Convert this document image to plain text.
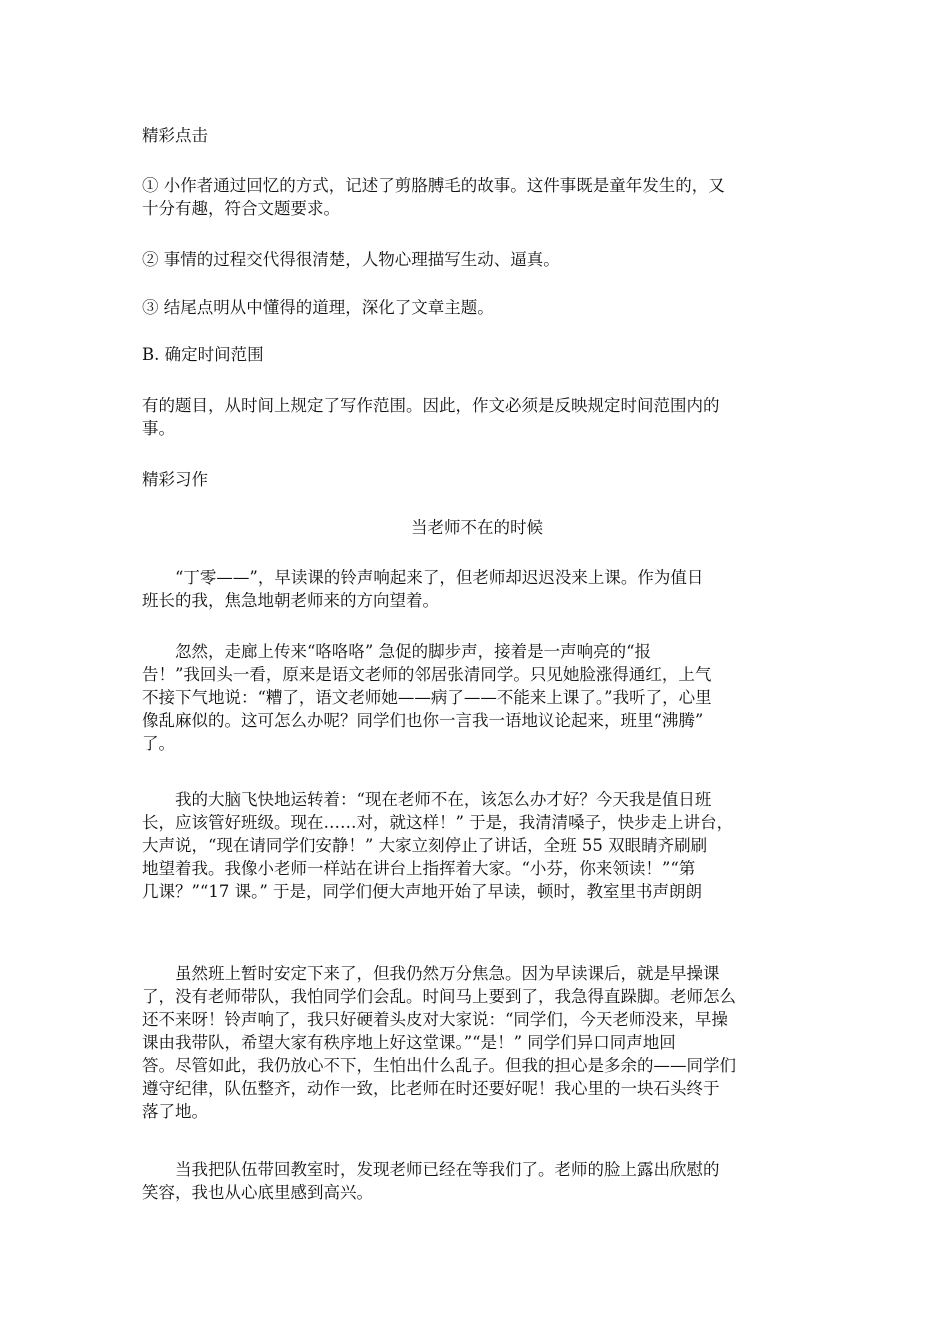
精彩点击
① 小作者通过回忆的方式，记述了剪胳膊毛的故事。这件事既是童年发生的，又
十分有趣，符合文题要求。
② 事情的过程交代得很清楚，人物心理描写生动、逼真。
③ 结尾点明从中懂得的道理，深化了文章主题。
B. 确定时间范围
有的题目，从时间上规定了写作范围。因此，作文必须是反映规定时间范围内的
事。
精彩习作
当老师不在的时候
　　“丁零——”，早读课的铃声响起来了，但老师却迟迟没来上课。作为值日
班长的我，焦急地朝老师来的方向望着。
　　忽然，走廊上传来“咯咯咯” 急促的脚步声，接着是一声响亮的“报
告！”我回头一看，原来是语文老师的邻居张清同学。只见她脸涨得通红，上气
不接下气地说：“糟了，语文老师她——病了——不能来上课了。”我听了，心里
像乱麻似的。这可怎么办呢？同学们也你一言我一语地议论起来，班里“沸腾”
了。
　　我的大脑飞快地运转着：“现在老师不在，该怎么办才好？今天我是值日班
长，应该管好班级。现在……对，就这样！” 于是，我清清嗓子，快步走上讲台，
大声说，“现在请同学们安静！” 大家立刻停止了讲话，全班 55 双眼睛齐刷刷
地望着我。我像小老师一样站在讲台上指挥着大家。“小芬，你来领读！”“第
几课？”“17 课。” 于是，同学们便大声地开始了早读，顿时，教室里书声朗朗
　　虽然班上暂时安定下来了，但我仍然万分焦急。因为早读课后，就是早操课
了，没有老师带队，我怕同学们会乱。时间马上要到了，我急得直跺脚。老师怎么
还不来呀！铃声响了，我只好硬着头皮对大家说：“同学们，今天老师没来，早操
课由我带队，希望大家有秩序地上好这堂课。”“是！” 同学们异口同声地回
答。尽管如此，我仍放心不下，生怕出什么乱子。但我的担心是多余的——同学们
遵守纪律，队伍整齐，动作一致，比老师在时还要好呢！我心里的一块石头终于
落了地。
　　当我把队伍带回教室时，发现老师已经在等我们了。老师的脸上露出欣慰的
笑容，我也从心底里感到高兴。
